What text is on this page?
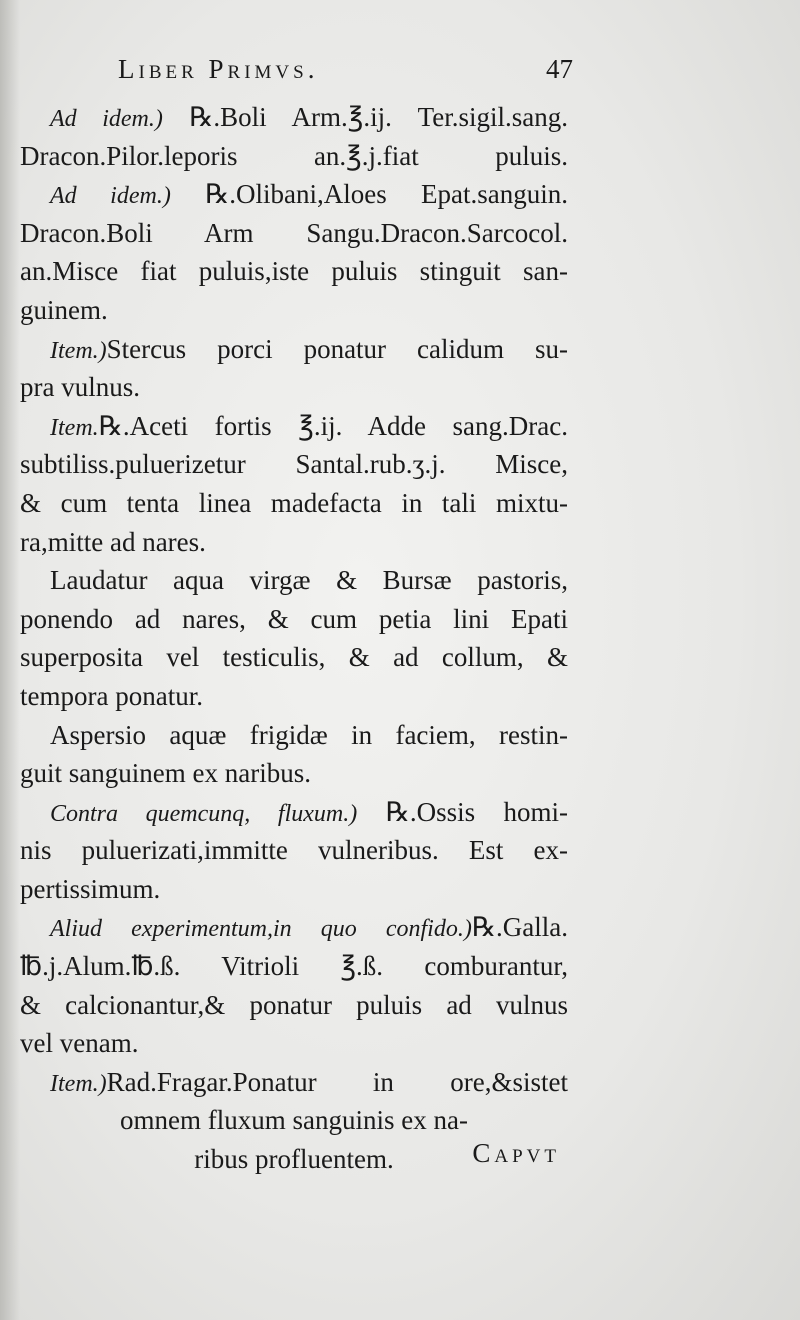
Liber Primvs.	47
Ad idem.) ℞.Boli Arm.℥.ij. Ter.sigil.sang.
Dracon.Pilor.leporis an.℥.j.fiat puluis.
Ad idem.) ℞.Olibani,Aloes Epat.sanguin.
Dracon.Boli Arm Sangu.Dracon.Sarcocol.
an.Misce fiat puluis,iste puluis stinguit san-
guinem.
Item.)Stercus porci ponatur calidum su-
pra vulnus.
Item.℞.Aceti fortis ℥.ij. Adde sang.Drac.
subtiliss.puluerizetur Santal.rub.ʒ.j. Misce,
& cum tenta linea madefacta in tali mixtu-
ra,mitte ad nares.
Laudatur aqua virgæ & Bursæ pastoris,
ponendo ad nares, & cum petia lini Epati
superposita vel testiculis, & ad collum, &
tempora ponatur.
Aspersio aquæ frigidæ in faciem, restin-
guit sanguinem ex naribus.
Contra quemcunq, fluxum.) ℞.Ossis homi-
nis puluerizati,immitte vulneribus. Est ex-
pertissimum.
Aliud experimentum,in quo confido.)℞.Galla.
℔.j.Alum.℔.ß. Vitrioli ℥.ß. comburantur,
& calcionantur,& ponatur puluis ad vulnus
vel venam.
Item.)Rad.Fragar.Ponatur in ore,&sistet
omnem fluxum sanguinis ex na-
ribus profluentem.	Capvt
